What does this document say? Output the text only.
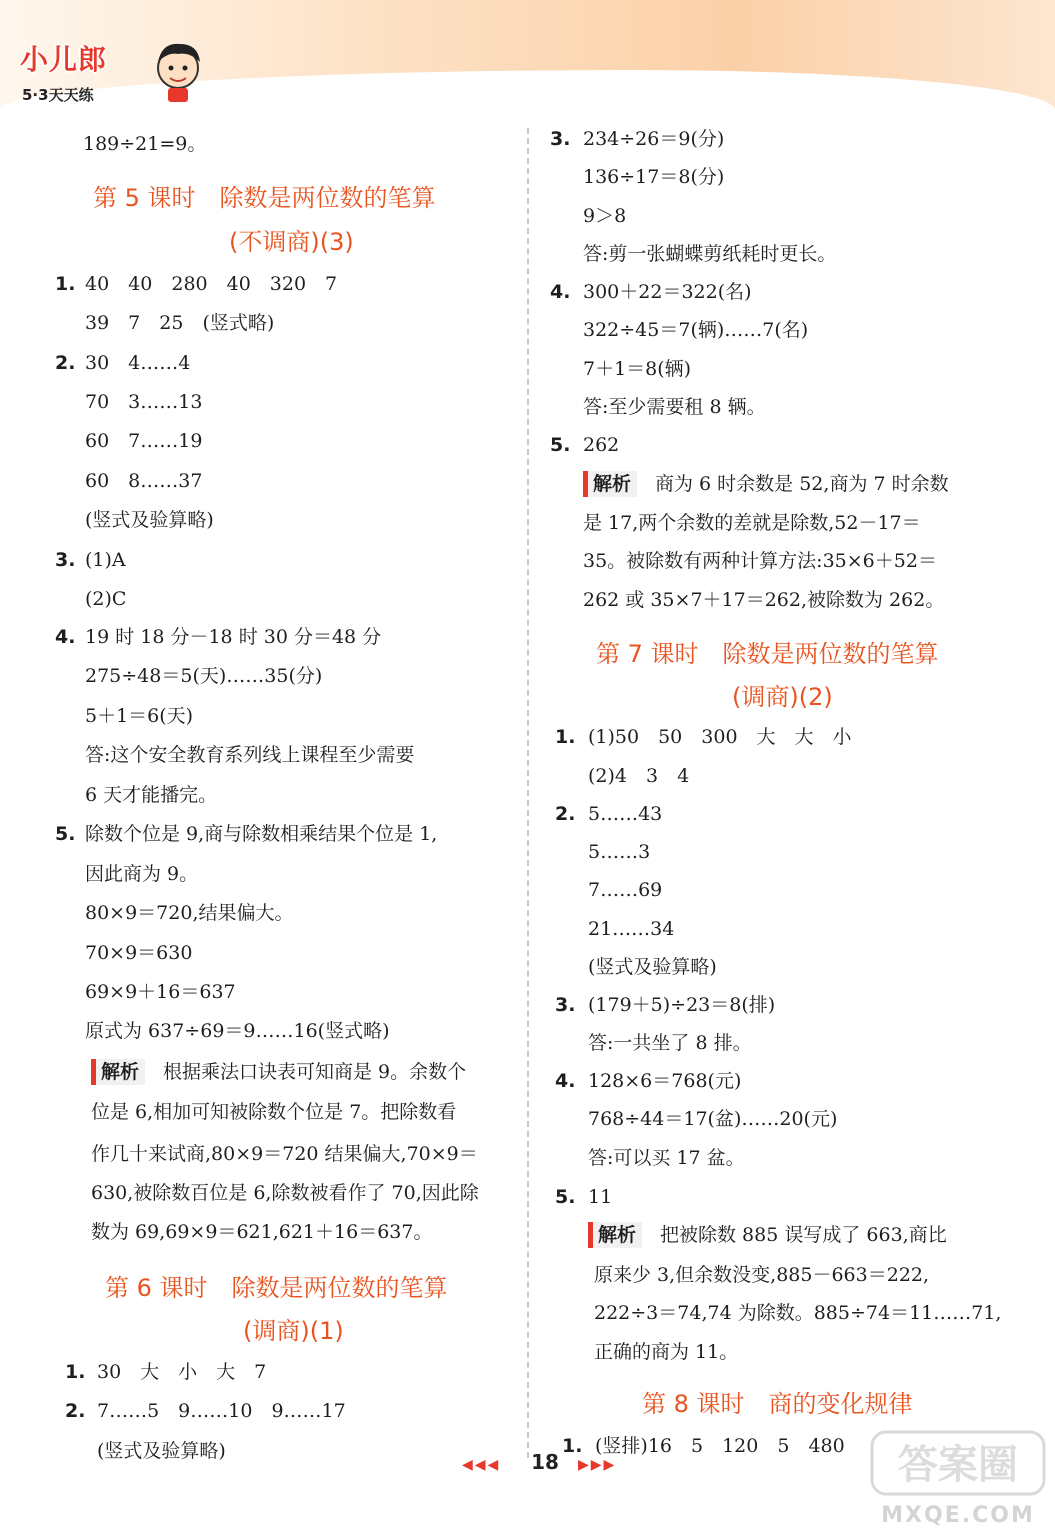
小儿郎
5·3天天练
189÷21=9。
第 5 课时　除数是两位数的笔算
(不调商)(3)
1. 40　40　280　40　320　7
39　7　25　(竖式略)
2. 30　4……4
70　3……13
60　7……19
60　8……37
(竖式及验算略)
3. (1)A
(2)C
4. 19 时 18 分－18 时 30 分＝48 分
275÷48＝5(天)……35(分)
5＋1＝6(天)
答:这个安全教育系列线上课程至少需要
6 天才能播完。
5. 除数个位是 9,商与除数相乘结果个位是 1,
因此商为 9。
80×9＝720,结果偏大。
70×9＝630
69×9＋16＝637
原式为 637÷69＝9……16(竖式略)
解析 根据乘法口诀表可知商是 9。余数个
位是 6,相加可知被除数个位是 7。把除数看
作几十来试商,80×9＝720 结果偏大,70×9＝
630,被除数百位是 6,除数被看作了 70,因此除
数为 69,69×9＝621,621＋16＝637。
第 6 课时　除数是两位数的笔算
(调商)(1)
1. 30　大　小　大　7
2. 7……5　9……10　9……17
(竖式及验算略)
3. 234÷26＝9(分)
136÷17＝8(分)
9＞8
答:剪一张蝴蝶剪纸耗时更长。
4. 300＋22＝322(名)
322÷45＝7(辆)……7(名)
7＋1＝8(辆)
答:至少需要租 8 辆。
5. 262
解析 商为 6 时余数是 52,商为 7 时余数
是 17,两个余数的差就是除数,52－17＝
35。被除数有两种计算方法:35×6＋52＝
262 或 35×7＋17＝262,被除数为 262。
第 7 课时　除数是两位数的笔算
(调商)(2)
1. (1)50　50　300　大　大　小
(2)4　3　4
2. 5……43
5……3
7……69
21……34
(竖式及验算略)
3. (179＋5)÷23＝8(排)
答:一共坐了 8 排。
4. 128×6＝768(元)
768÷44＝17(盆)……20(元)
答:可以买 17 盆。
5. 11
解析 把被除数 885 误写成了 663,商比
原来少 3,但余数没变,885－663＝222,
222÷3＝74,74 为除数。885÷74＝11……71,
正确的商为 11。
第 8 课时　商的变化规律
1. (竖排)16　5　120　5　480
◀◀◀	18	▶▶▶	答案圈
MXQE.COM
